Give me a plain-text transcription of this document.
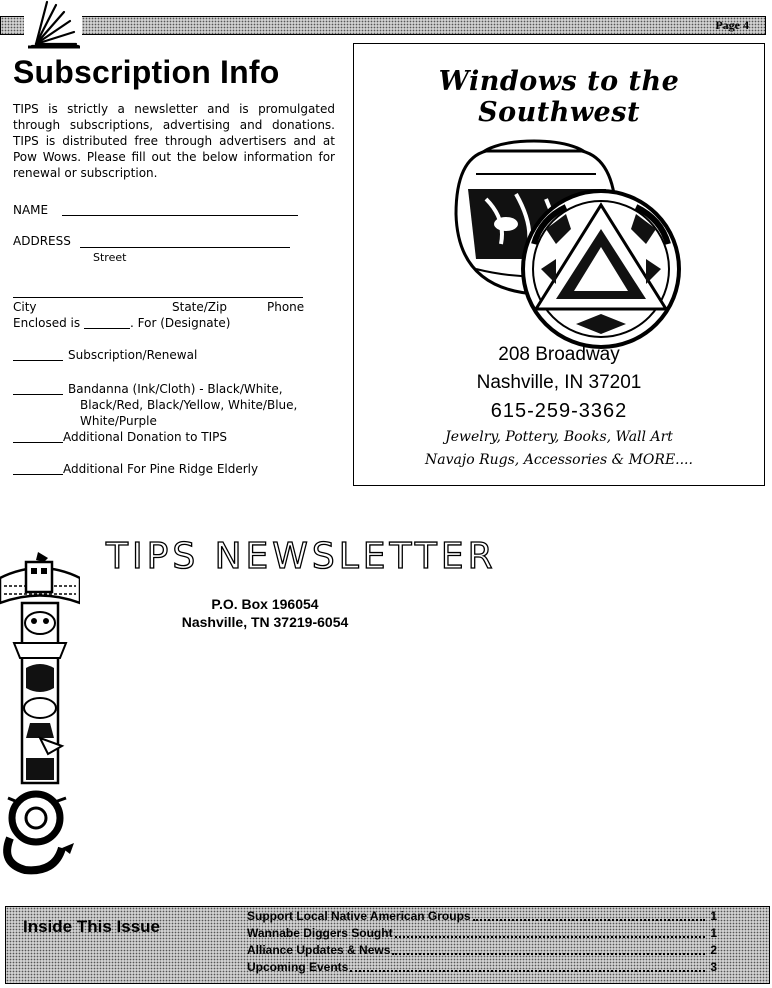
Page 4
Subscription Info

TIPS is strictly a newsletter and is promulgated through subscriptions, advertising and donations. TIPS is distributed free through advertisers and at Pow Wows. Please fill out the below information for renewal or subscription.

NAME
ADDRESS
Street
City	State/Zip	Phone
Enclosed is	. For (Designate)
Subscription/Renewal
Bandanna (Ink/Cloth) - Black/White,
Black/Red, Black/Yellow, White/Blue,
White/Purple
Additional Donation to TIPS
Additional For Pine Ridge Elderly
Windows to the Southwest
208 Broadway
Nashville, IN 37201
615-259-3362
Jewelry, Pottery, Books, Wall Art
Navajo Rugs, Accessories & MORE....
TIPS NEWSLETTER
P.O. Box 196054
Nashville, TN 37219-6054
Inside This Issue
Support Local Native American Groups	1
Wannabe Diggers Sought	1
Alliance Updates & News	2
Upcoming Events	3
